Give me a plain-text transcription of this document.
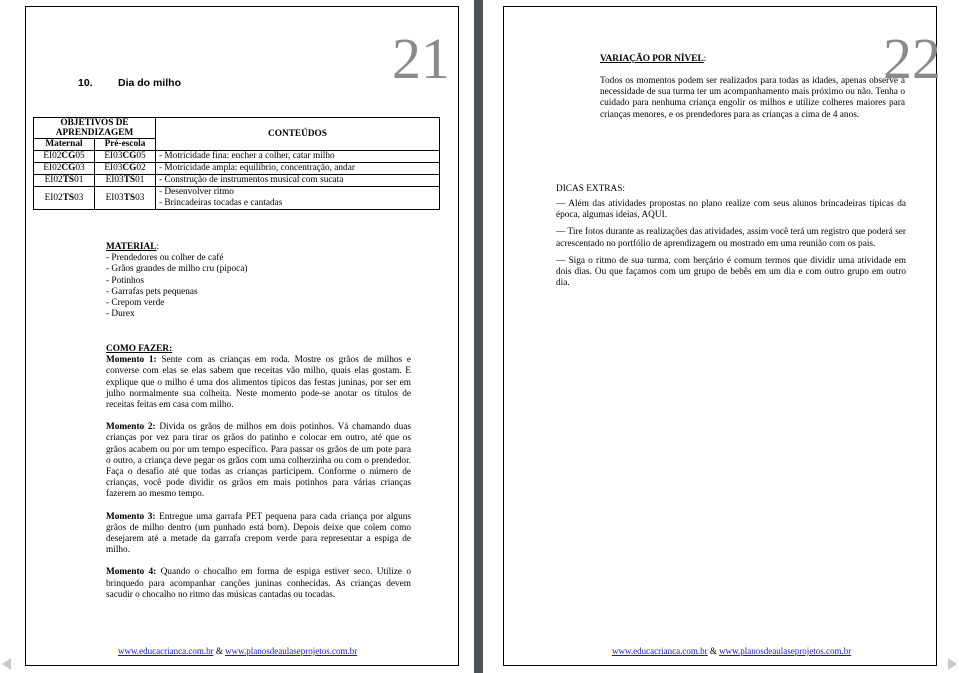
21
10. Dia do milho
OBJETIVOS DE APRENDIZAGEM		CONTEÚDOS
Maternal	Pré-escola	
EI02CG05	EI03CG05	- Motricidade fina: encher a colher, catar milho
EI02CG03	EI03CG02	- Motricidade ampla: equilíbrio, concentração, andar
EI02TS01	EI03TS01	- Construção de instrumentos musical com sucata
EI02TS03	EI03TS03	- Desenvolver ritmo
- Brincadeiras tocadas e cantadas
MATERIAL:
- Prendedores ou colher de café
- Grãos grandes de milho cru (pipoca)
- Potinhos
- Garrafas pets pequenas
- Crepom verde
- Durex
COMO FAZER:
Momento 1: Sente com as crianças em roda. Mostre os grãos de milhos e converse com elas se elas sabem que receitas vão milho, quais elas gostam. E explique que o milho é uma dos alimentos típicos das festas juninas, por ser em julho normalmente sua colheita. Neste momento pode-se anotar os títulos de receitas feitas em casa com milho.
Momento 2: Divida os grãos de milhos em dois potinhos. Vá chamando duas crianças por vez para tirar os grãos do patinho e colocar em outro, até que os grãos acabem ou por um tempo específico. Para passar os grãos de um pote para o outro, a criança deve pegar os grãos com uma colherzinha ou com o prendedor. Faça o desafio até que todas as crianças participem. Conforme o número de crianças, você pode dividir os grãos em mais potinhos para várias crianças fazerem ao mesmo tempo.
Momento 3: Entregue uma garrafa PET pequena para cada criança por alguns grãos de milho dentro (um punhado está bom). Depois deixe que colem como desejarem até a metade da garrafa crepom verde para representar a espiga de milho.
Momento 4: Quando o chocalho em forma de espiga estiver seco. Utilize o brinquedo para acompanhar canções juninas conhecidas. As crianças devem sacudir o chocalho no ritmo das músicas cantadas ou tocadas.
www.educacrianca.com.br & www.planosdeaulaseprojetos.com.br
22
VARIAÇÃO POR NÍVEL:
Todos os momentos podem ser realizados para todas as idades, apenas observe a necessidade de sua turma ter um acompanhamento mais próximo ou não. Tenha o cuidado para nenhuma criança engolir os milhos e utilize colheres maiores para crianças menores, e os prendedores para as crianças a cima de 4 anos.
DICAS EXTRAS:
— Além das atividades propostas no plano realize com seus alunos brincadeiras típicas da época, algumas ideias, AQUI.
— Tire fotos durante as realizações das atividades, assim você terá um registro que poderá ser acrescentado no portfólio de aprendizagem ou mostrado em uma reunião com os pais.
— Siga o ritmo de sua turma, com berçário é comum termos que dividir uma atividade em dois dias. Ou que façamos com um grupo de bebês em um dia e com outro grupo em outro dia.
www.educacrianca.com.br & www.planosdeaulaseprojetos.com.br
